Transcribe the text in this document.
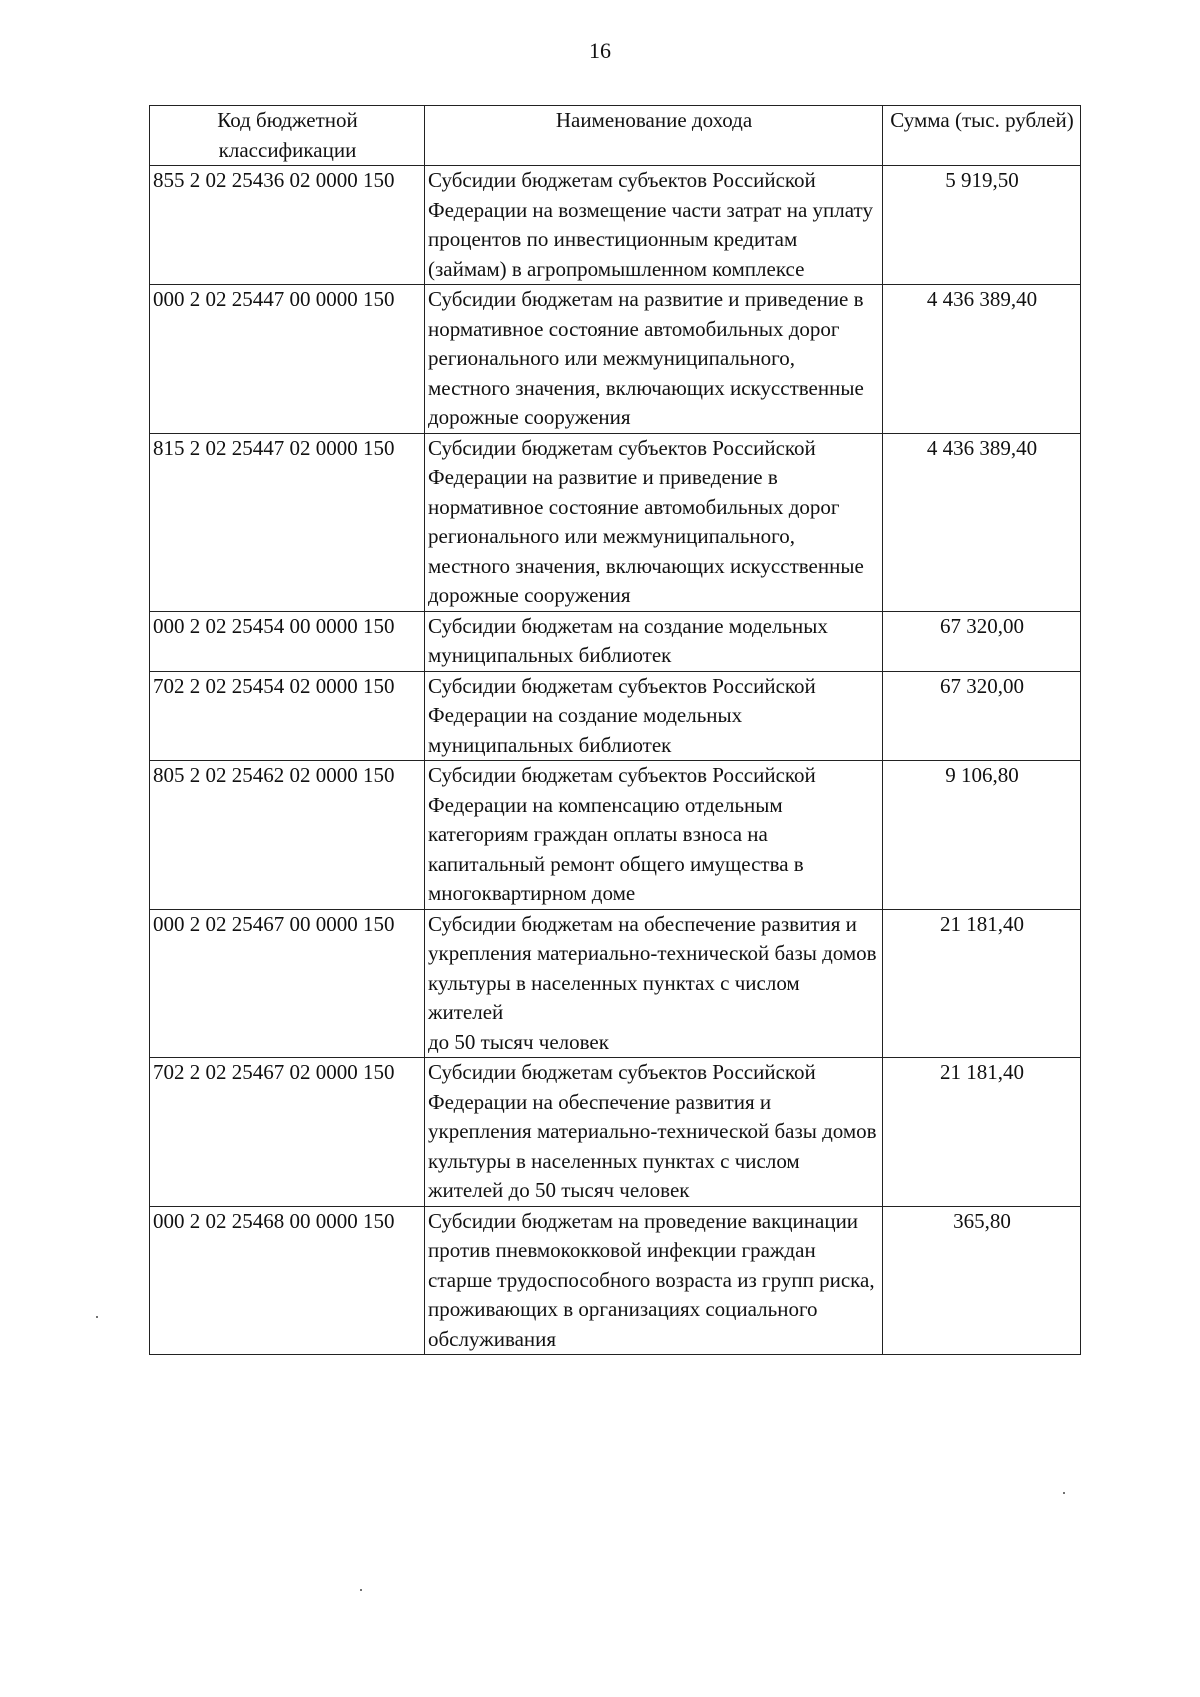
16
Код бюджетной классификации	Наименование дохода	Сумма (тыс. рублей)
855 2 02 25436 02 0000 150	Субсидии бюджетам субъектов Российской Федерации на возмещение части затрат на уплату процентов по инвестиционным кредитам (займам) в агропромышленном комплексе	5 919,50
000 2 02 25447 00 0000 150	Субсидии бюджетам на развитие и приведение в нормативное состояние автомобильных дорог регионального или межмуниципального, местного значения, включающих искусственные дорожные сооружения	4 436 389,40
815 2 02 25447 02 0000 150	Субсидии бюджетам субъектов Российской Федерации на развитие и приведение в нормативное состояние автомобильных дорог регионального или межмуниципального, местного значения, включающих искусственные дорожные сооружения	4 436 389,40
000 2 02 25454 00 0000 150	Субсидии бюджетам на создание модельных муниципальных библиотек	67 320,00
702 2 02 25454 02 0000 150	Субсидии бюджетам субъектов Российской Федерации на создание модельных муниципальных библиотек	67 320,00
805 2 02 25462 02 0000 150	Субсидии бюджетам субъектов Российской Федерации на компенсацию отдельным категориям граждан оплаты взноса на капитальный ремонт общего имущества в многоквартирном доме	9 106,80
000 2 02 25467 00 0000 150	Субсидии бюджетам на обеспечение развития и укрепления материально-технической базы домов культуры в населенных пунктах с числом жителей
до 50 тысяч человек	21 181,40
702 2 02 25467 02 0000 150	Субсидии бюджетам субъектов Российской Федерации на обеспечение развития и укрепления материально-технической базы домов культуры в населенных пунктах с числом жителей до 50 тысяч человек	21 181,40
000 2 02 25468 00 0000 150	Субсидии бюджетам на проведение вакцинации против пневмококковой инфекции граждан старше трудоспособного возраста из групп риска, проживающих в организациях социального обслуживания	365,80
